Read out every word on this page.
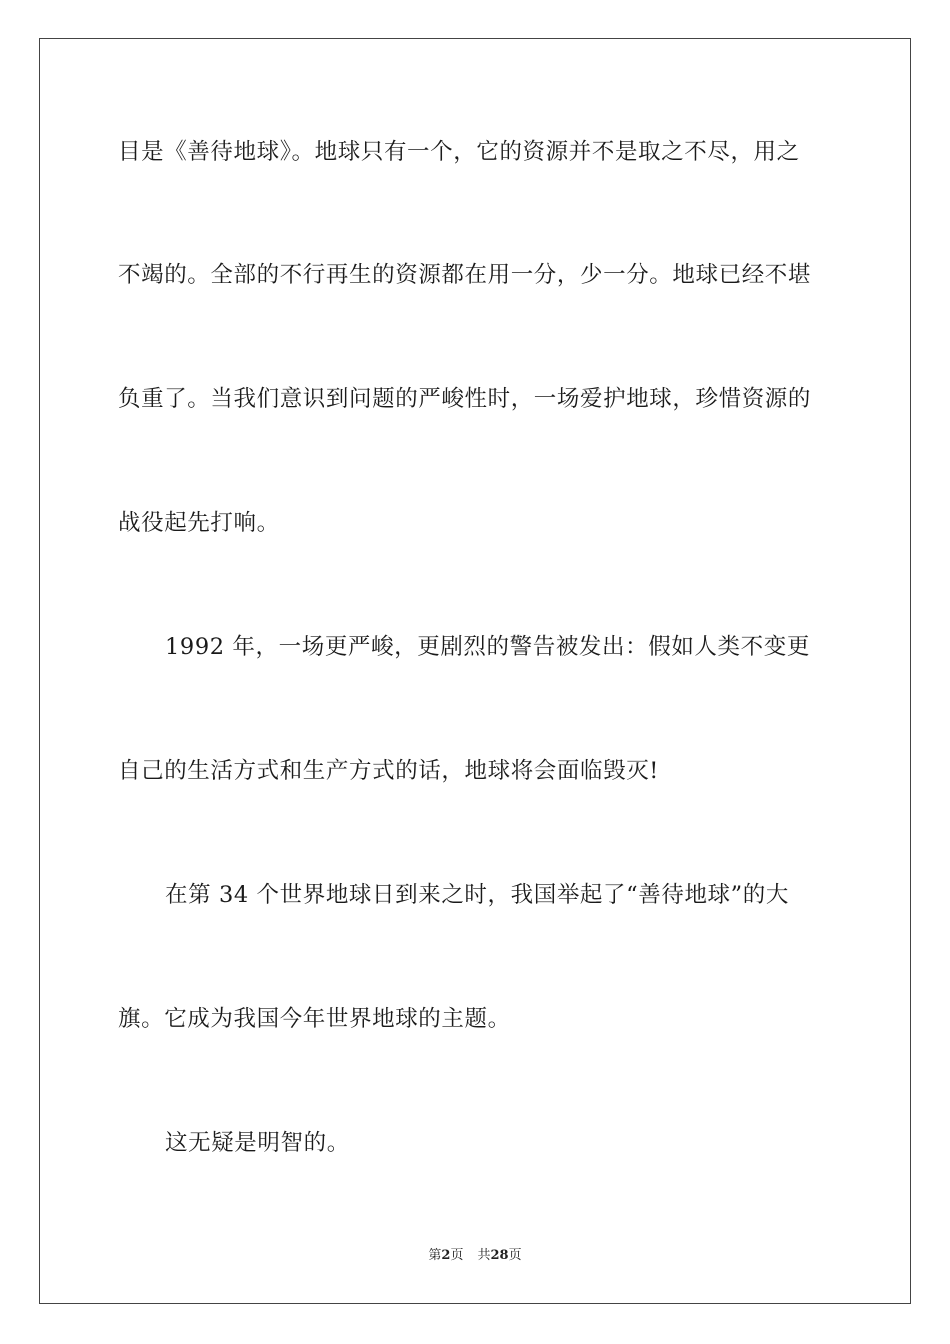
目是《善待地球》。地球只有一个，它的资源并不是取之不尽，用之
不竭的。全部的不行再生的资源都在用一分，少一分。地球已经不堪
负重了。当我们意识到问题的严峻性时，一场爱护地球，珍惜资源的
战役起先打响。
1992 年，一场更严峻，更剧烈的警告被发出：假如人类不变更
自己的生活方式和生产方式的话，地球将会面临毁灭!
在第 34 个世界地球日到来之时，我国举起了“善待地球”的大
旗。它成为我国今年世界地球的主题。
这无疑是明智的。
第2页 共28页
